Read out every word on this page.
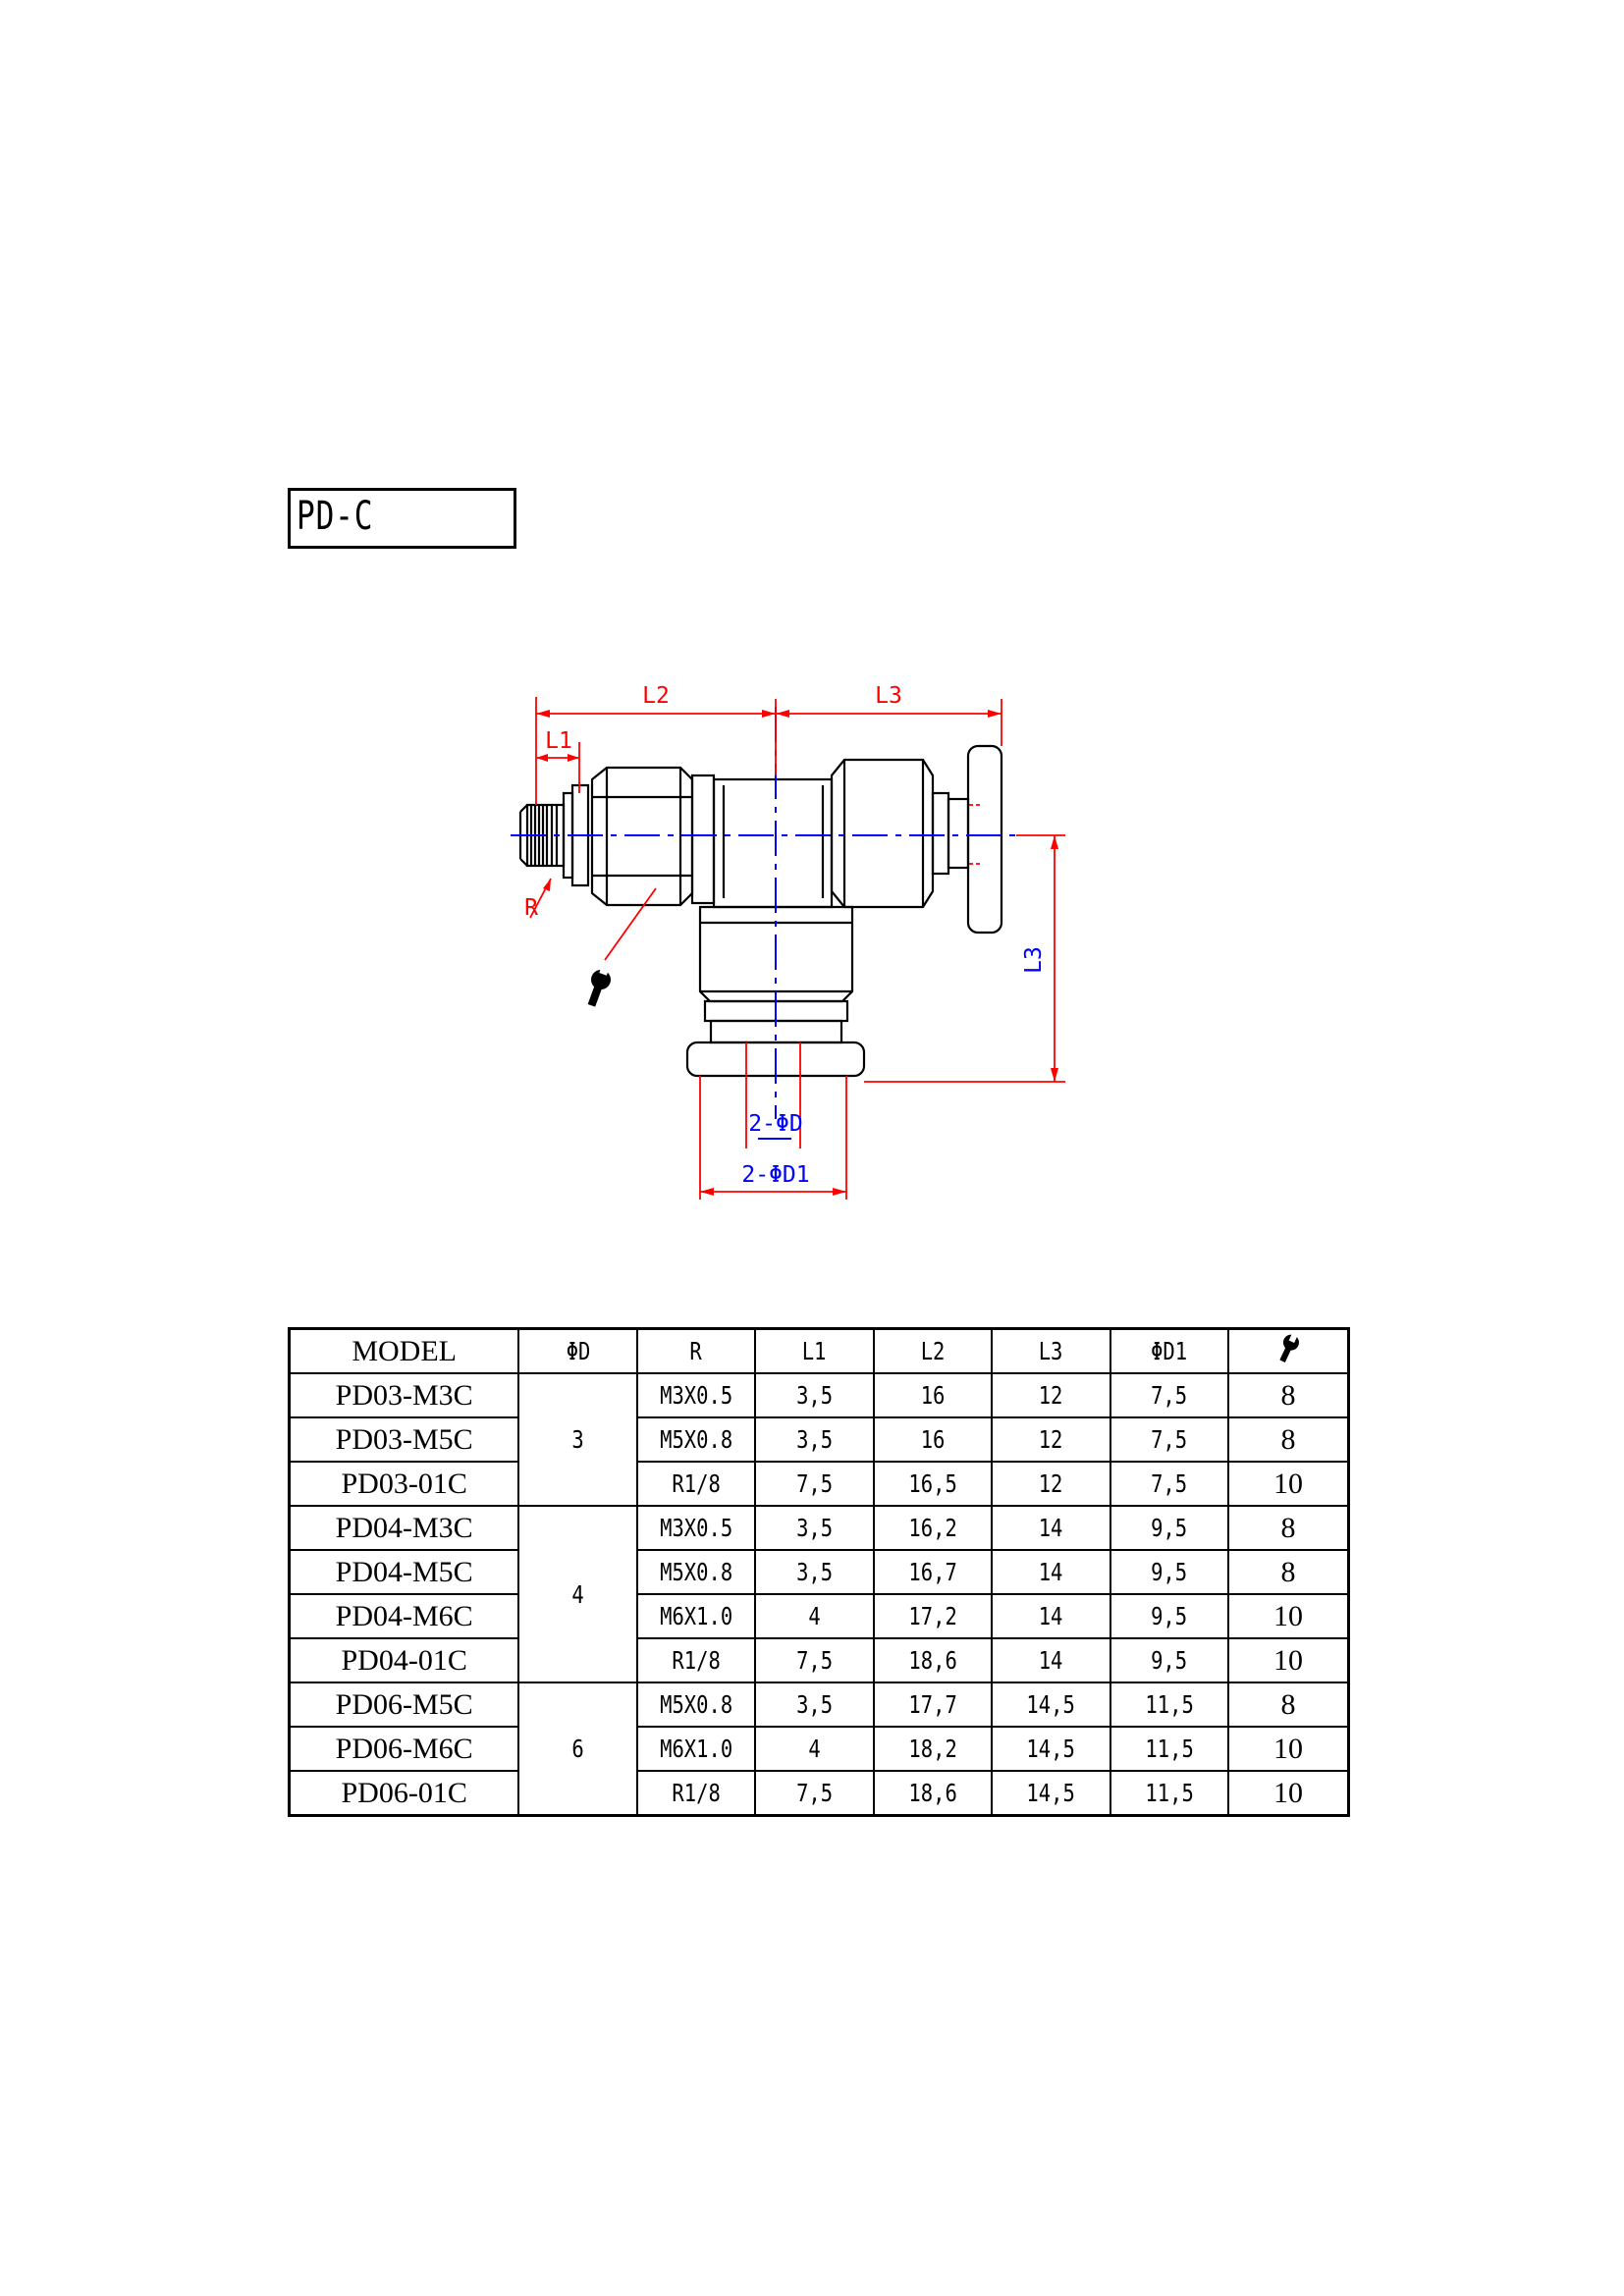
PD-C
L2	L3
L1
R
L3
2-ΦD
2-ΦD1
MODEL	ΦD	R	L1	L2	L3	ΦD1	
PD03-M3C	3	M3X0.5	3,5	16	12	7,5	8
PD03-M5C		M5X0.8	3,5	16	12	7,5	8
PD03-01C		R1/8	7,5	16,5	12	7,5	10
PD04-M3C	4	M3X0.5	3,5	16,2	14	9,5	8
PD04-M5C		M5X0.8	3,5	16,7	14	9,5	8
PD04-M6C		M6X1.0	4	17,2	14	9,5	10
PD04-01C		R1/8	7,5	18,6	14	9,5	10
PD06-M5C	6	M5X0.8	3,5	17,7	14,5	11,5	8
PD06-M6C		M6X1.0	4	18,2	14,5	11,5	10
PD06-01C		R1/8	7,5	18,6	14,5	11,5	10
